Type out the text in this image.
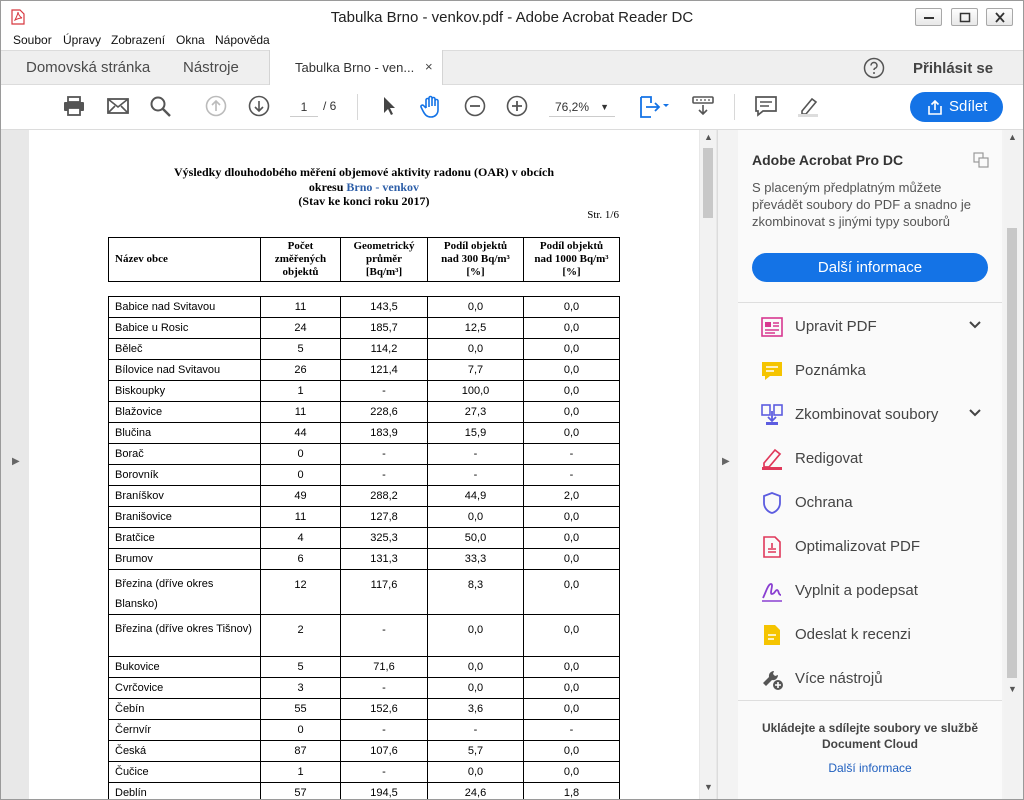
Tabulka Brno - venkov.pdf - Adobe Acrobat Reader DC
Soubor Úpravy Zobrazení Okna Nápověda
Domovská stránka Nástroje	Tabulka Brno - ven... ×	Přihlásit se
1	/ 6	76,2% ▼	Sdílet
▶
Výsledky dlouhodobého měření objemové aktivity radonu (OAR) v obcích
okresu Brno - venkov
(Stav ke konci roku 2017)
Str. 1/6
Název obce	
Počet
změřených
objektů

Geometrický
průměr
[Bq/m³]

Podíl objektů
nad 300 Bq/m³
[%]

Podíl objektů
nad 1000 Bq/m³
[%]
Babice nad Svitavou	11	143,5	0,0	0,0
Babice u Rosic	24	185,7	12,5	0,0
Běleč	5	114,2	0,0	0,0
Bílovice nad Svitavou	26	121,4	7,7	0,0
Biskoupky	1	-	100,0	0,0
Blažovice	11	228,6	27,3	0,0
Blučina	44	183,9	15,9	0,0
Borač	0	-	-	-
Borovník	0	-	-	-
Braníškov	49	288,2	44,9	2,0
Branišovice	11	127,8	0,0	0,0
Bratčice	4	325,3	50,0	0,0
Brumov	6	131,3	33,3	0,0
Březina (dříve okres Blansko)	12	117,6	8,3	0,0
Březina (dříve okres Tišnov)	2	-	0,0	0,0
Bukovice	5	71,6	0,0	0,0
Cvrčovice	3	-	0,0	0,0
Čebín	55	152,6	3,6	0,0
Černvír	0	-	-	-
Česká	87	107,6	5,7	0,0
Čučice	1	-	0,0	0,0
Deblín	57	194,5	24,6	1,8
▲
▼
▶
Adobe Acrobat Pro DC
S placeným předplatným můžete převádět soubory do PDF a snadno je zkombinovat s jinými typy souborů
Další informace
Upravit PDF
Poznámka
Zkombinovat soubory
Redigovat
Ochrana
Optimalizovat PDF
Vyplnit a podepsat
Odeslat k recenzi
Více nástrojů
Ukládejte a sdílejte soubory ve službě
Document Cloud
Další informace
▲
▼
